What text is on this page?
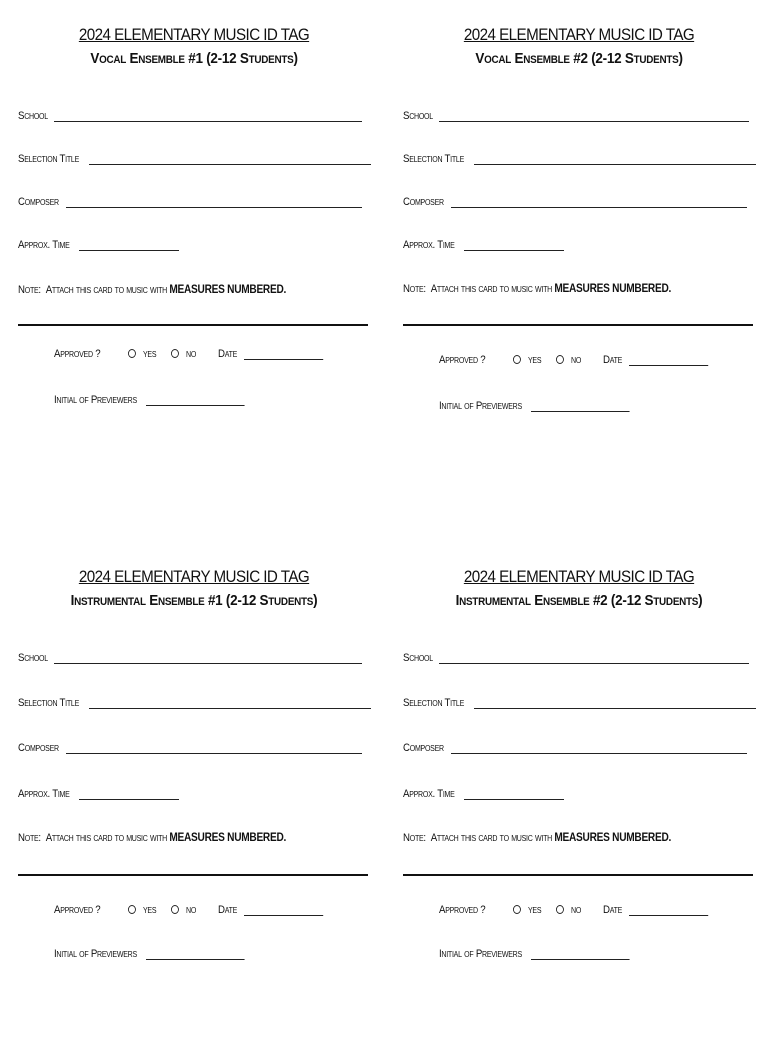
2024 ELEMENTARY MUSIC ID TAG
Vocal Ensemble #1 (2-12 Students)
School
Selection Title
Composer
Approx. Time
Note: Attach this card to music with MEASURES NUMBERED.
Approved ?	yes	no	Date
Initial of Previewers
2024 ELEMENTARY MUSIC ID TAG
Vocal Ensemble #2 (2-12 Students)
School
Selection Title
Composer
Approx. Time
Note: Attach this card to music with MEASURES NUMBERED.
Approved ?	yes	no	Date
Initial of Previewers
2024 ELEMENTARY MUSIC ID TAG
Instrumental Ensemble #1 (2-12 Students)
School
Selection Title
Composer
Approx. Time
Note: Attach this card to music with MEASURES NUMBERED.
Approved ?	yes	no	Date
Initial of Previewers
2024 ELEMENTARY MUSIC ID TAG
Instrumental Ensemble #2 (2-12 Students)
School
Selection Title
Composer
Approx. Time
Note: Attach this card to music with MEASURES NUMBERED.
Approved ?	yes	no	Date
Initial of Previewers
